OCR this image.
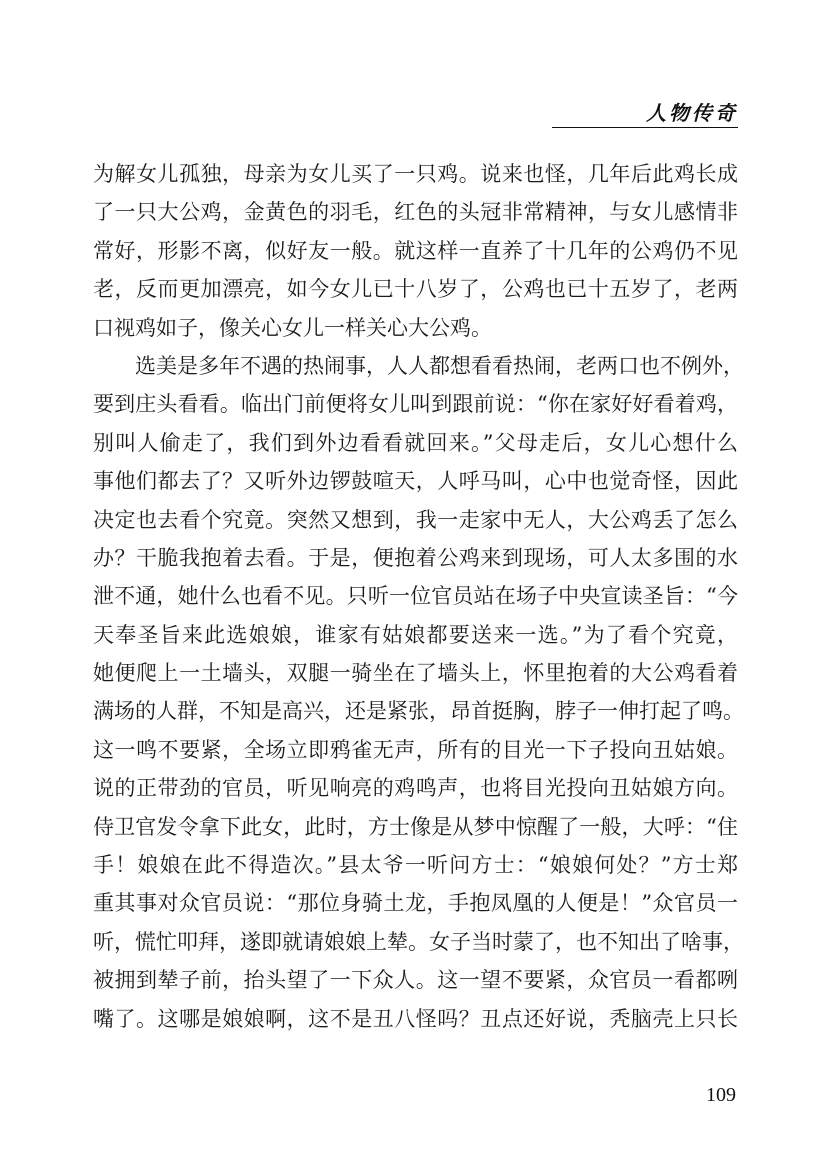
人物传奇

为解女儿孤独，母亲为女儿买了一只鸡。说来也怪，几年后此鸡长成
了一只大公鸡，金黄色的羽毛，红色的头冠非常精神，与女儿感情非
常好，形影不离，似好友一般。就这样一直养了十几年的公鸡仍不见
老，反而更加漂亮，如今女儿已十八岁了，公鸡也已十五岁了，老两
口视鸡如子，像关心女儿一样关心大公鸡。

选美是多年不遇的热闹事，人人都想看看热闹，老两口也不例外，
要到庄头看看。临出门前便将女儿叫到跟前说：“你在家好好看着鸡，
别叫人偷走了，我们到外边看看就回来。”父母走后，女儿心想什么
事他们都去了？又听外边锣鼓喧天，人呼马叫，心中也觉奇怪，因此
决定也去看个究竟。突然又想到，我一走家中无人，大公鸡丢了怎么
办？干脆我抱着去看。于是，便抱着公鸡来到现场，可人太多围的水
泄不通，她什么也看不见。只听一位官员站在场子中央宣读圣旨：“今
天奉圣旨来此选娘娘，谁家有姑娘都要送来一选。”为了看个究竟，
她便爬上一土墙头，双腿一骑坐在了墙头上，怀里抱着的大公鸡看着
满场的人群，不知是高兴，还是紧张，昂首挺胸，脖子一伸打起了鸣。
这一鸣不要紧，全场立即鸦雀无声，所有的目光一下子投向丑姑娘。
说的正带劲的官员，听见响亮的鸡鸣声，也将目光投向丑姑娘方向。
侍卫官发令拿下此女，此时，方士像是从梦中惊醒了一般，大呼：“住
手！娘娘在此不得造次。”县太爷一听问方士：“娘娘何处？”方士郑
重其事对众官员说：“那位身骑土龙，手抱凤凰的人便是！”众官员一
听，慌忙叩拜，遂即就请娘娘上辇。女子当时蒙了，也不知出了啥事，
被拥到辇子前，抬头望了一下众人。这一望不要紧，众官员一看都咧
嘴了。这哪是娘娘啊，这不是丑八怪吗？丑点还好说，秃脑壳上只长

109
